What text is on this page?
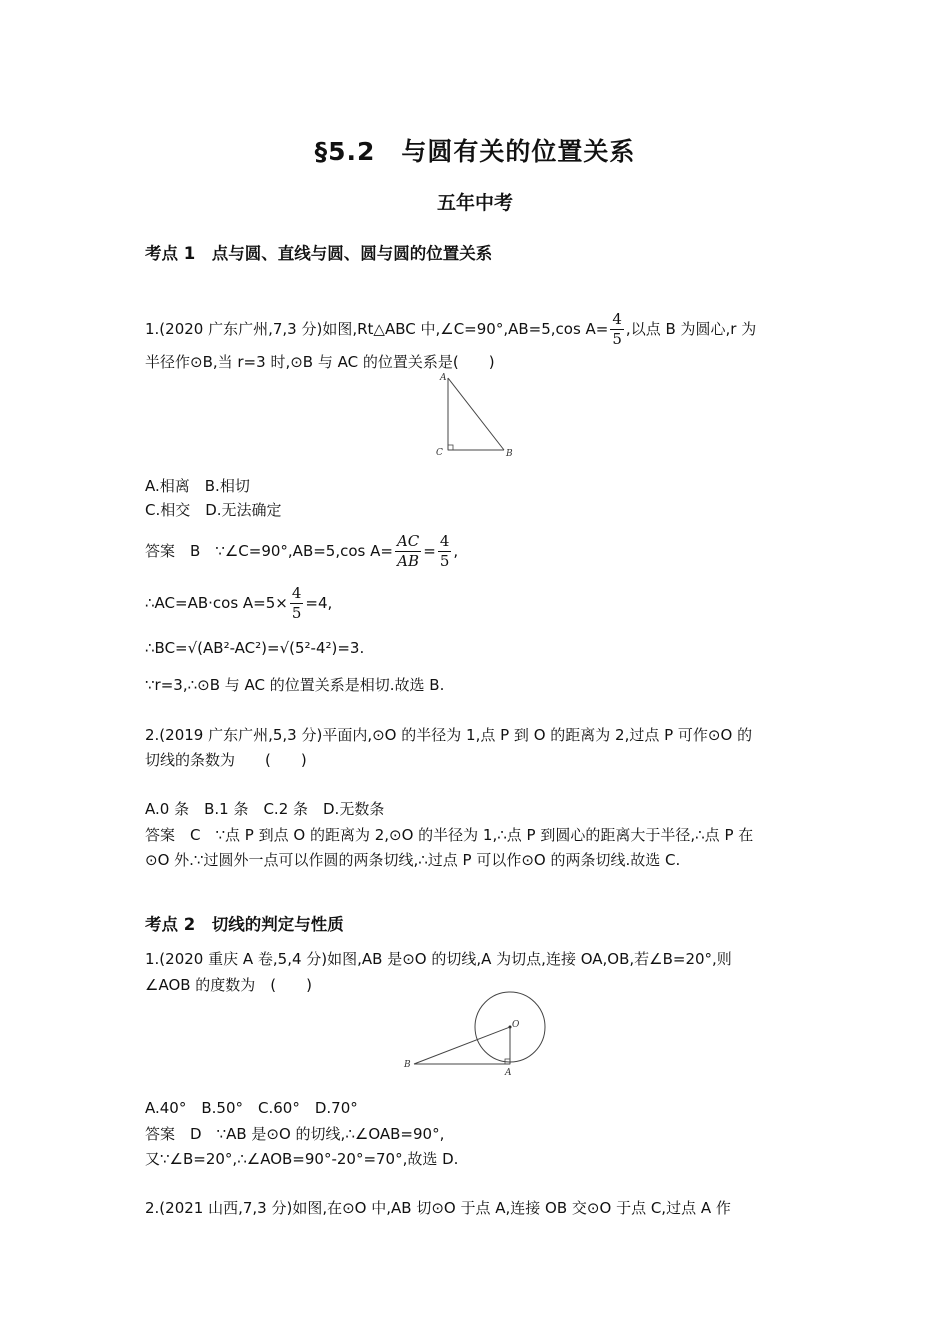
§5.2　与圆有关的位置关系
五年中考
考点 1　点与圆、直线与圆、圆与圆的位置关系
1.(2020 广东广州,7,3 分)如图,Rt△ABC 中,∠C=90°,AB=5,cos $A= \frac{4}{5}$ ,以点 B 为圆心,r 为
半径作⊙B,当 r=3 时,⊙B 与 AC 的位置关系是(　　)
A
C	B
A.相离　B.相切
C.相交　D.无法确定
答案　B　∵∠C=90°,AB=5,cos $A= \frac{AC}{AB} = \frac{4}{5}$ ,
∴AC=AB·cos $A=5\times \frac{4}{5} =4$,
∴BC=√(AB²-AC²)=√(5²-4²)=3.
∵r=3,∴⊙B 与 AC 的位置关系是相切.故选 B.
2.(2019 广东广州,5,3 分)平面内,⊙O 的半径为 1,点 P 到 O 的距离为 2,过点 P 可作⊙O 的
切线的条数为　　(　　)
A.0 条　B.1 条　C.2 条　D.无数条
答案　C　∵点 P 到点 O 的距离为 2,⊙O 的半径为 1,∴点 P 到圆心的距离大于半径,∴点 P 在
⊙O 外.∵过圆外一点可以作圆的两条切线,∴过点 P 可以作⊙O 的两条切线.故选 C.
考点 2　切线的判定与性质
1.(2020 重庆 A 卷,5,4 分)如图,AB 是⊙O 的切线,A 为切点,连接 OA,OB,若∠B=20°,则
∠AOB 的度数为　(　　)
O
B
A
A.40°　B.50°　C.60°　D.70°
答案　D　∵AB 是⊙O 的切线,∴∠OAB=90°,
又∵∠B=20°,∴∠AOB=90°-20°=70°,故选 D.
2.(2021 山西,7,3 分)如图,在⊙O 中,AB 切⊙O 于点 A,连接 OB 交⊙O 于点 C,过点 A 作
